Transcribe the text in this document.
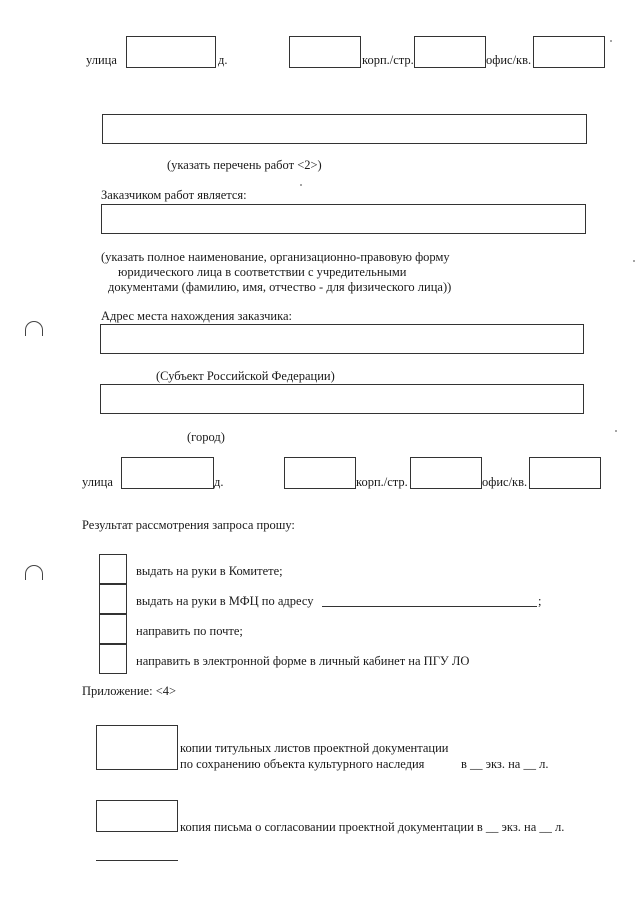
улица	д.	корп./стр.	офис/кв.
(указать перечень работ <2>)
Заказчиком работ является:
(указать полное наименование, организационно-правовую форму
юридического лица в соответствии с учредительными
документами (фамилию, имя, отчество - для физического лица))
Адрес места нахождения заказчика:
(Субъект Российской Федерации)
(город)
улица	д.	корп./стр.	офис/кв.
Результат рассмотрения запроса прошу:
выдать на руки в Комитете;
выдать на руки в МФЦ по адресу	;
направить по почте;
направить в электронной форме в личный кабинет на ПГУ ЛО
Приложение: <4>
копии титульных листов проектной документации
по сохранению объекта культурного наследия	в __ экз. на __ л.
копия письма о согласовании проектной документации в __ экз. на __ л.
